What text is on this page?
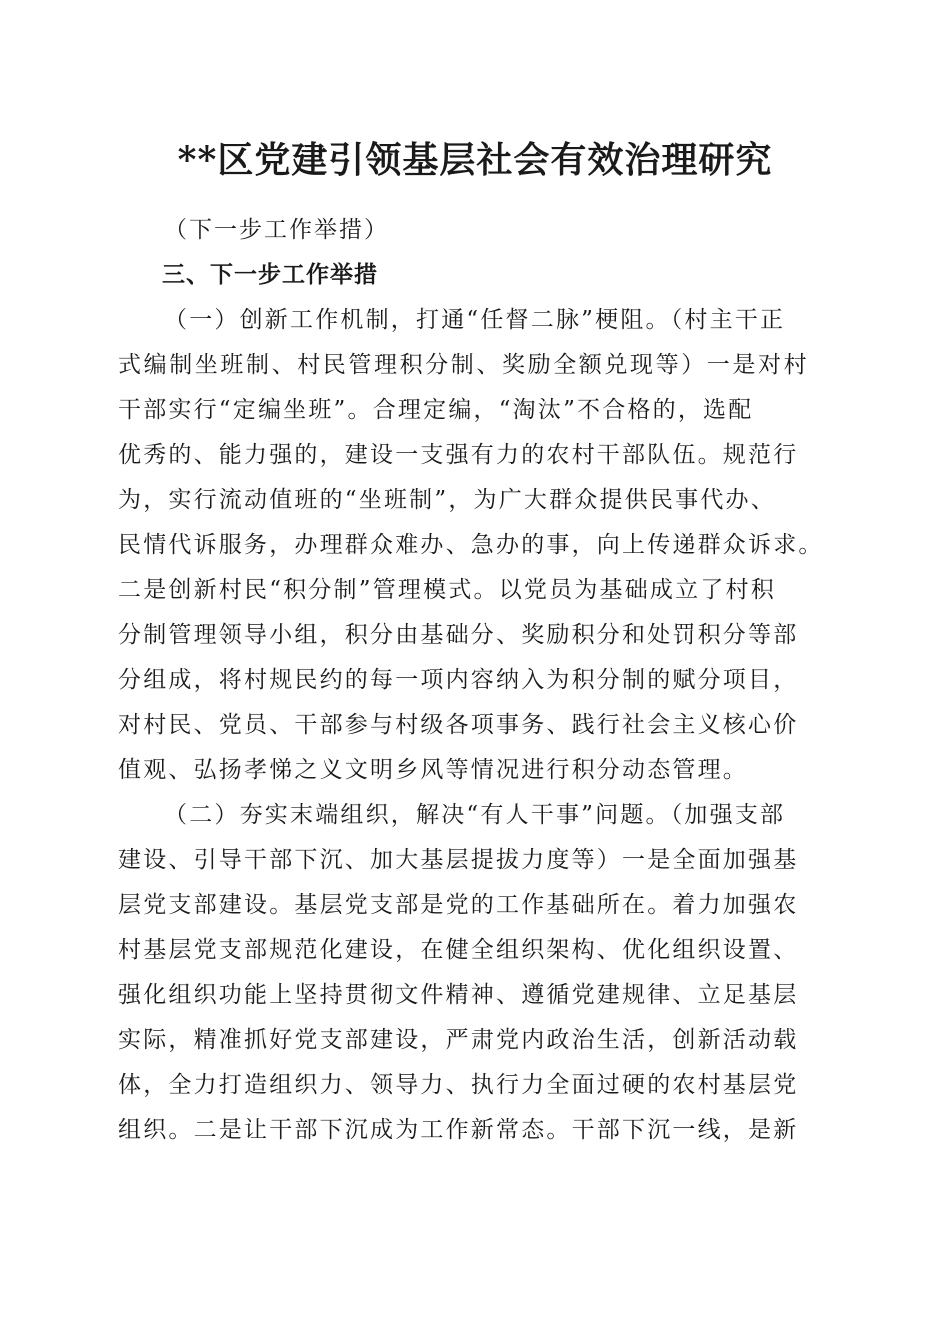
**区党建引领基层社会有效治理研究
（下一步工作举措）
三、下一步工作举措
（一）创新工作机制，打通“任督二脉”梗阻。（村主干正
式编制坐班制、村民管理积分制、奖励全额兑现等）一是对村
干部实行“定编坐班”。合理定编，“淘汰”不合格的，选配
优秀的、能力强的，建设一支强有力的农村干部队伍。规范行
为，实行流动值班的“坐班制”，为广大群众提供民事代办、
民情代诉服务，办理群众难办、急办的事，向上传递群众诉求。
二是创新村民“积分制”管理模式。以党员为基础成立了村积
分制管理领导小组，积分由基础分、奖励积分和处罚积分等部
分组成，将村规民约的每一项内容纳入为积分制的赋分项目，
对村民、党员、干部参与村级各项事务、践行社会主义核心价
值观、弘扬孝悌之义文明乡风等情况进行积分动态管理。
（二）夯实末端组织，解决“有人干事”问题。（加强支部
建设、引导干部下沉、加大基层提拔力度等）一是全面加强基
层党支部建设。基层党支部是党的工作基础所在。着力加强农
村基层党支部规范化建设，在健全组织架构、优化组织设置、
强化组织功能上坚持贯彻文件精神、遵循党建规律、立足基层
实际，精准抓好党支部建设，严肃党内政治生活，创新活动载
体，全力打造组织力、领导力、执行力全面过硬的农村基层党
组织。二是让干部下沉成为工作新常态。干部下沉一线，是新
